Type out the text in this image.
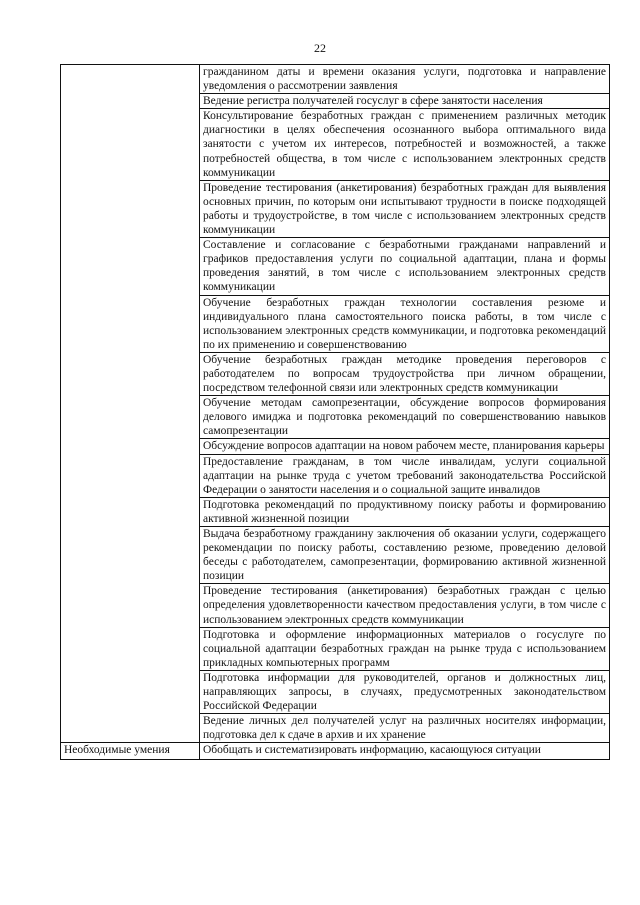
22
	гражданином даты и времени оказания услуги, подготовка и направление уведомления о рассмотрении заявления
	Ведение регистра получателей госуслуг в сфере занятости населения
	Консультирование безработных граждан с применением различных методик диагностики в целях обеспечения осознанного выбора оптимального вида занятости с учетом их интересов, потребностей и возможностей, а также потребностей общества, в том числе с использованием электронных средств коммуникации
	Проведение тестирования (анкетирования) безработных граждан для выявления основных причин, по которым они испытывают трудности в поиске подходящей работы и трудоустройстве, в том числе с использованием электронных средств коммуникации
	Составление и согласование с безработными гражданами направлений и графиков предоставления услуги по социальной адаптации, плана и формы проведения занятий, в том числе с использованием электронных средств коммуникации
	Обучение безработных граждан технологии составления резюме и индивидуального плана самостоятельного поиска работы, в том числе с использованием электронных средств коммуникации, и подготовка рекомендаций по их применению и совершенствованию
	Обучение безработных граждан методике проведения переговоров с работодателем по вопросам трудоустройства при личном обращении, посредством телефонной связи или электронных средств коммуникации
	Обучение методам самопрезентации, обсуждение вопросов формирования делового имиджа и подготовка рекомендаций по совершенствованию навыков самопрезентации
	Обсуждение вопросов адаптации на новом рабочем месте, планирования карьеры
	Предоставление гражданам, в том числе инвалидам, услуги социальной адаптации на рынке труда с учетом требований законодательства Российской Федерации о занятости населения и о социальной защите инвалидов
	Подготовка рекомендаций по продуктивному поиску работы и формированию активной жизненной позиции
	Выдача безработному гражданину заключения об оказании услуги, содержащего рекомендации по поиску работы, составлению резюме, проведению деловой беседы с работодателем, самопрезентации, формированию активной жизненной позиции
	Проведение тестирования (анкетирования) безработных граждан с целью определения удовлетворенности качеством предоставления услуги, в том числе с использованием электронных средств коммуникации
	Подготовка и оформление информационных материалов о госуслуге по социальной адаптации безработных граждан на рынке труда с использованием прикладных компьютерных программ
	Подготовка информации для руководителей, органов и должностных лиц, направляющих запросы, в случаях, предусмотренных законодательством Российской Федерации
	Ведение личных дел получателей услуг на различных носителях информации, подготовка дел к сдаче в архив и их хранение
Необходимые умения	Обобщать и систематизировать информацию, касающуюся ситуации
